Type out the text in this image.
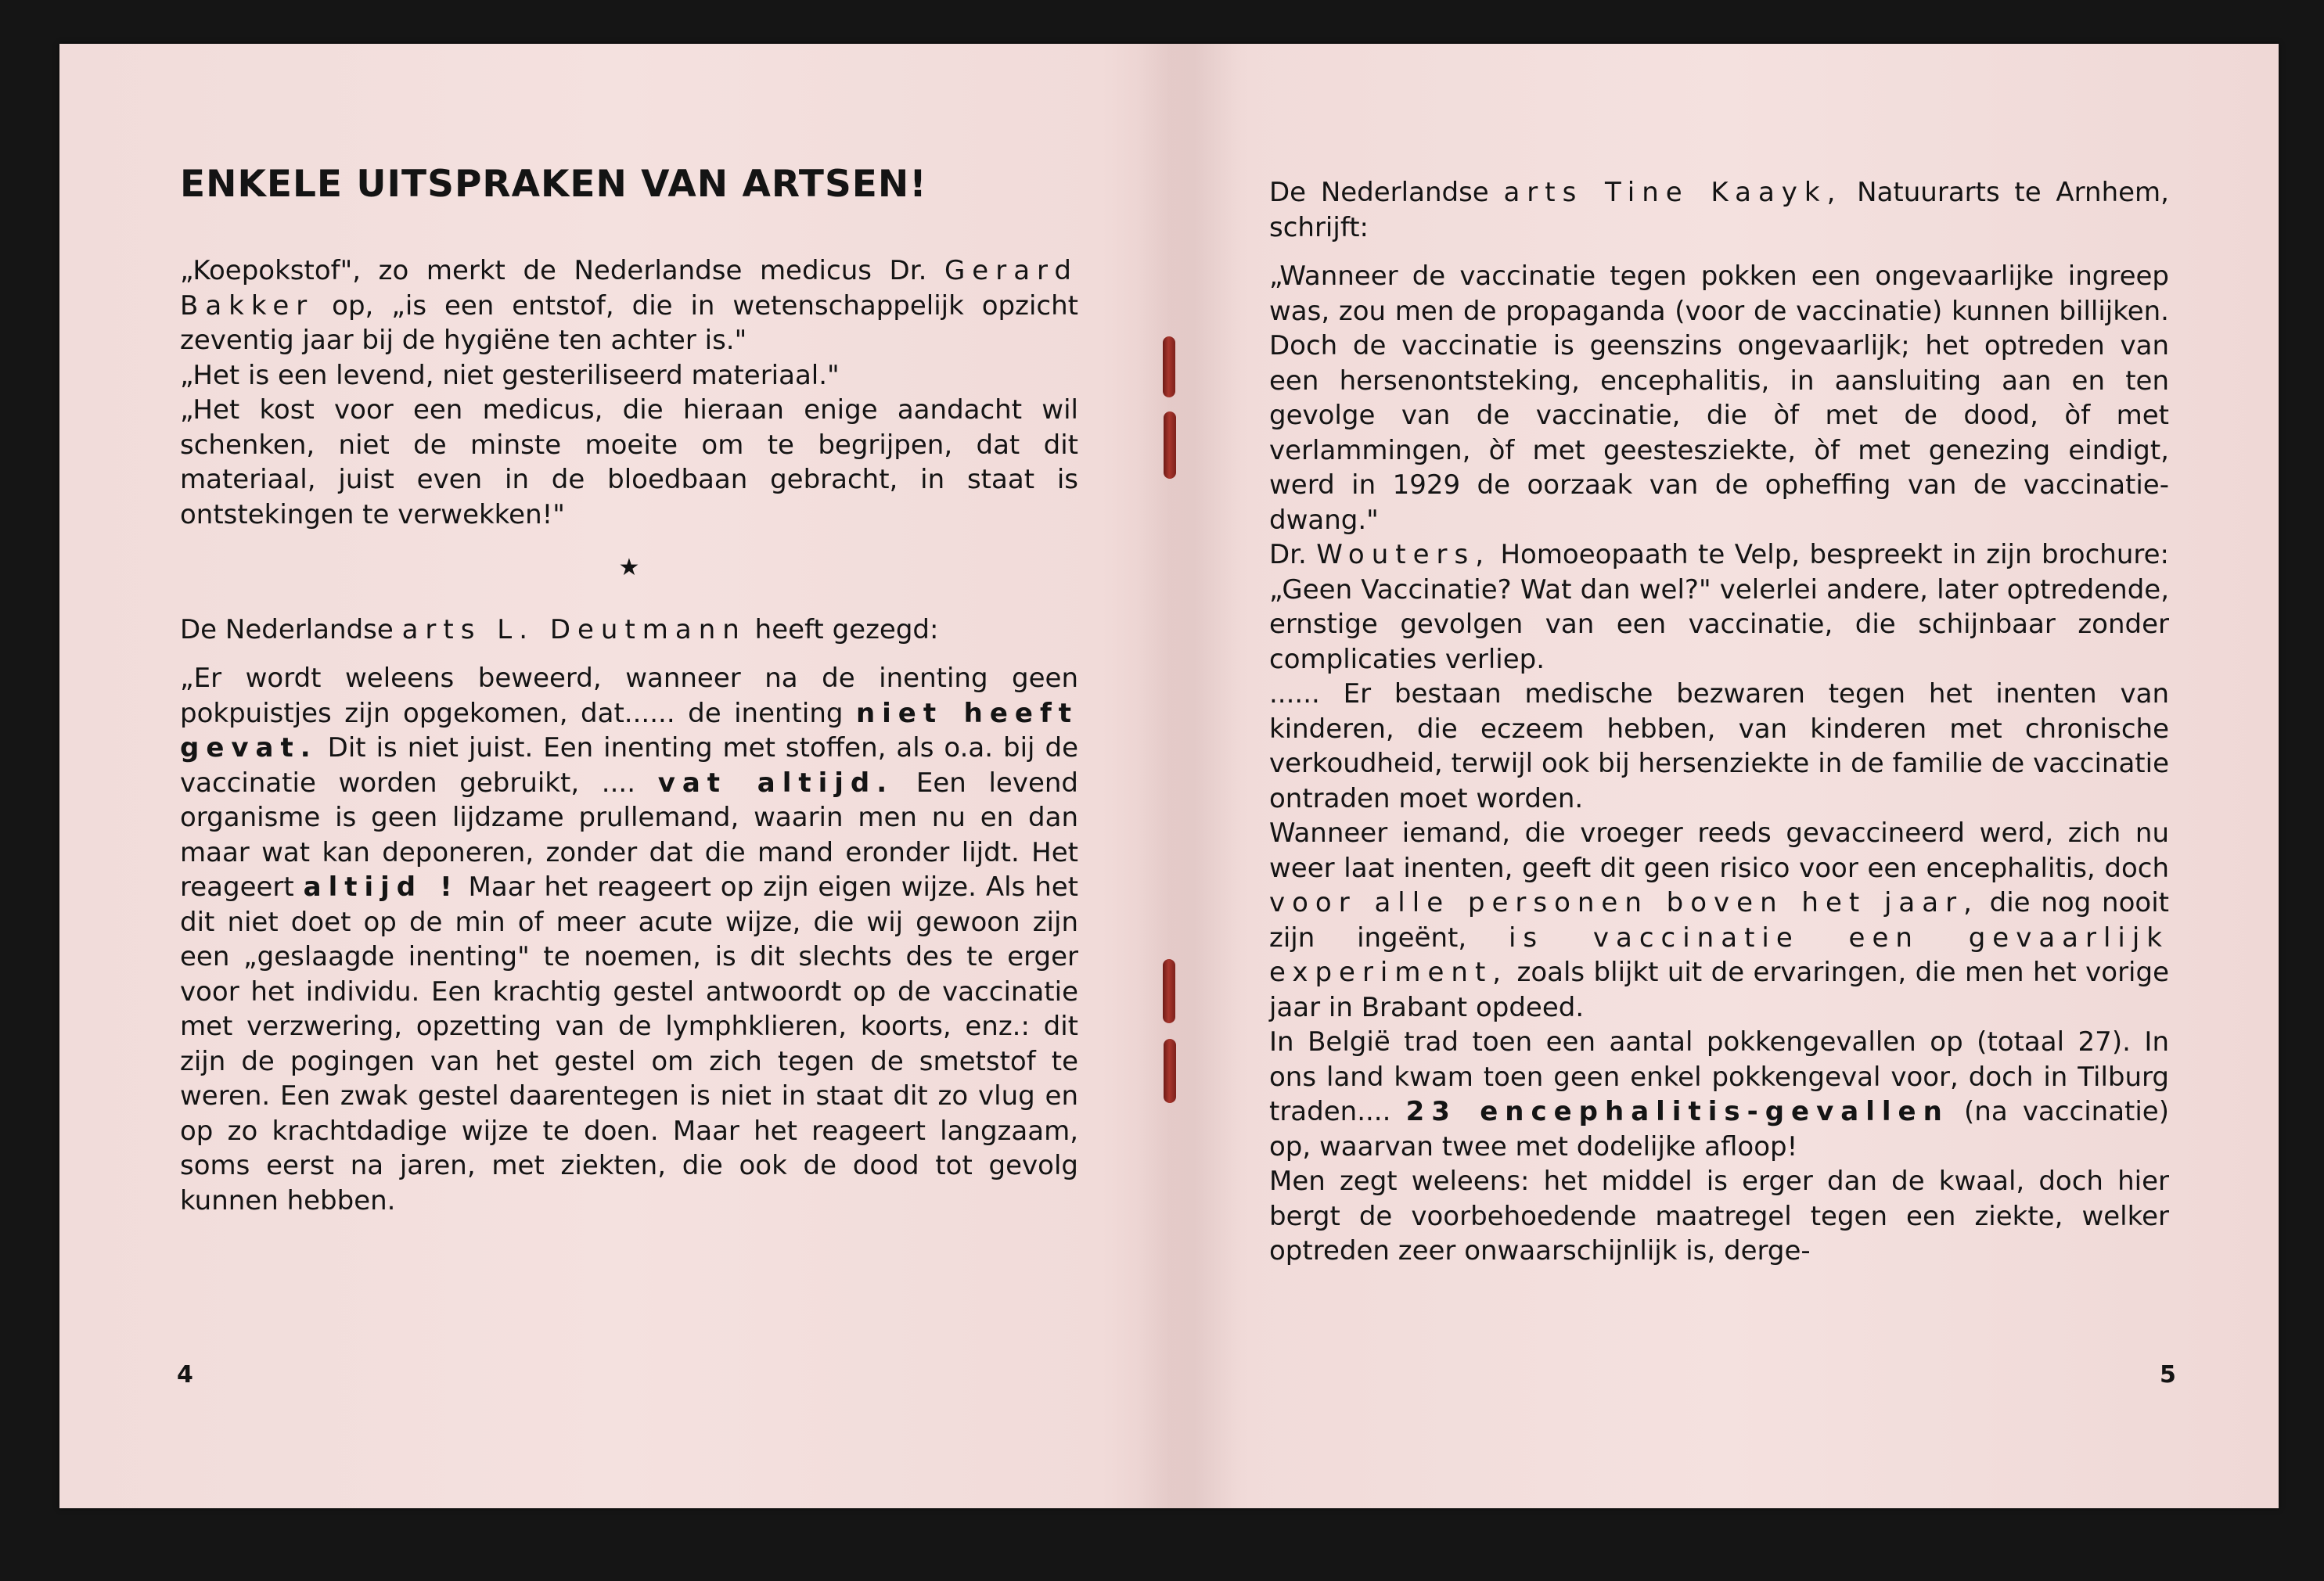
ENKELE UITSPRAKEN VAN ARTSEN!

„Koepokstof", zo merkt de Nederlandse medicus Dr. Gerard Bakker op, „is een entstof, die in wetenschappelijk opzicht zeventig jaar bij de hygiëne ten achter is."

„Het is een levend, niet gesteriliseerd materiaal."

„Het kost voor een medicus, die hieraan enige aandacht wil schenken, niet de minste moeite om te begrijpen, dat dit materiaal, juist even in de bloedbaan gebracht, in staat is ontstekingen te verwekken!"

★

De Nederlandse arts L. Deutmann heeft gezegd:

„Er wordt weleens beweerd, wanneer na de inenting geen pokpuistjes zijn opgekomen, dat...... de inenting niet heeft gevat. Dit is niet juist. Een inenting met stoffen, als o.a. bij de vaccinatie worden gebruikt, .... vat altijd. Een levend organisme is geen lijdzame prullemand, waarin men nu en dan maar wat kan deponeren, zonder dat die mand eronder lijdt. Het reageert altijd ! Maar het reageert op zijn eigen wijze. Als het dit niet doet op de min of meer acute wijze, die wij gewoon zijn een „geslaagde inenting" te noemen, is dit slechts des te erger voor het individu. Een krachtig gestel antwoordt op de vaccinatie met verzwering, opzetting van de lymphklieren, koorts, enz.: dit zijn de pogingen van het gestel om zich tegen de smetstof te weren. Een zwak gestel daarentegen is niet in staat dit zo vlug en op zo krachtdadige wijze te doen. Maar het reageert langzaam, soms eerst na jaren, met ziekten, die ook de dood tot gevolg kunnen hebben.

4

De Nederlandse arts Tine Kaayk, Natuurarts te Arnhem, schrijft:

„Wanneer de vaccinatie tegen pokken een ongevaarlijke ingreep was, zou men de propaganda (voor de vaccinatie) kunnen billijken. Doch de vaccinatie is geenszins ongevaarlijk; het optreden van een hersenontsteking, encephalitis, in aansluiting aan en ten gevolge van de vaccinatie, die òf met de dood, òf met verlammingen, òf met geestesziekte, òf met genezing eindigt, werd in 1929 de oorzaak van de opheffing van de vaccinatie-dwang."

Dr. Wouters, Homoeopaath te Velp, bespreekt in zijn brochure: „Geen Vaccinatie? Wat dan wel?" velerlei andere, later optredende, ernstige gevolgen van een vaccinatie, die schijnbaar zonder complicaties verliep.

...... Er bestaan medische bezwaren tegen het inenten van kinderen, die eczeem hebben, van kinderen met chronische verkoudheid, terwijl ook bij hersenziekte in de familie de vaccinatie ontraden moet worden.

Wanneer iemand, die vroeger reeds gevaccineerd werd, zich nu weer laat inenten, geeft dit geen risico voor een encephalitis, doch voor alle personen boven het jaar, die nog nooit zijn ingeënt, is vaccinatie een gevaarlijk experiment, zoals blijkt uit de ervaringen, die men het vorige jaar in Brabant opdeed.

In België trad toen een aantal pokkengevallen op (totaal 27). In ons land kwam toen geen enkel pokkengeval voor, doch in Tilburg traden.... 23 encephalitis-gevallen (na vaccinatie) op, waarvan twee met dodelijke afloop!

Men zegt weleens: het middel is erger dan de kwaal, doch hier bergt de voorbehoedende maatregel tegen een ziekte, welker optreden zeer onwaarschijnlijk is, derge-

5
